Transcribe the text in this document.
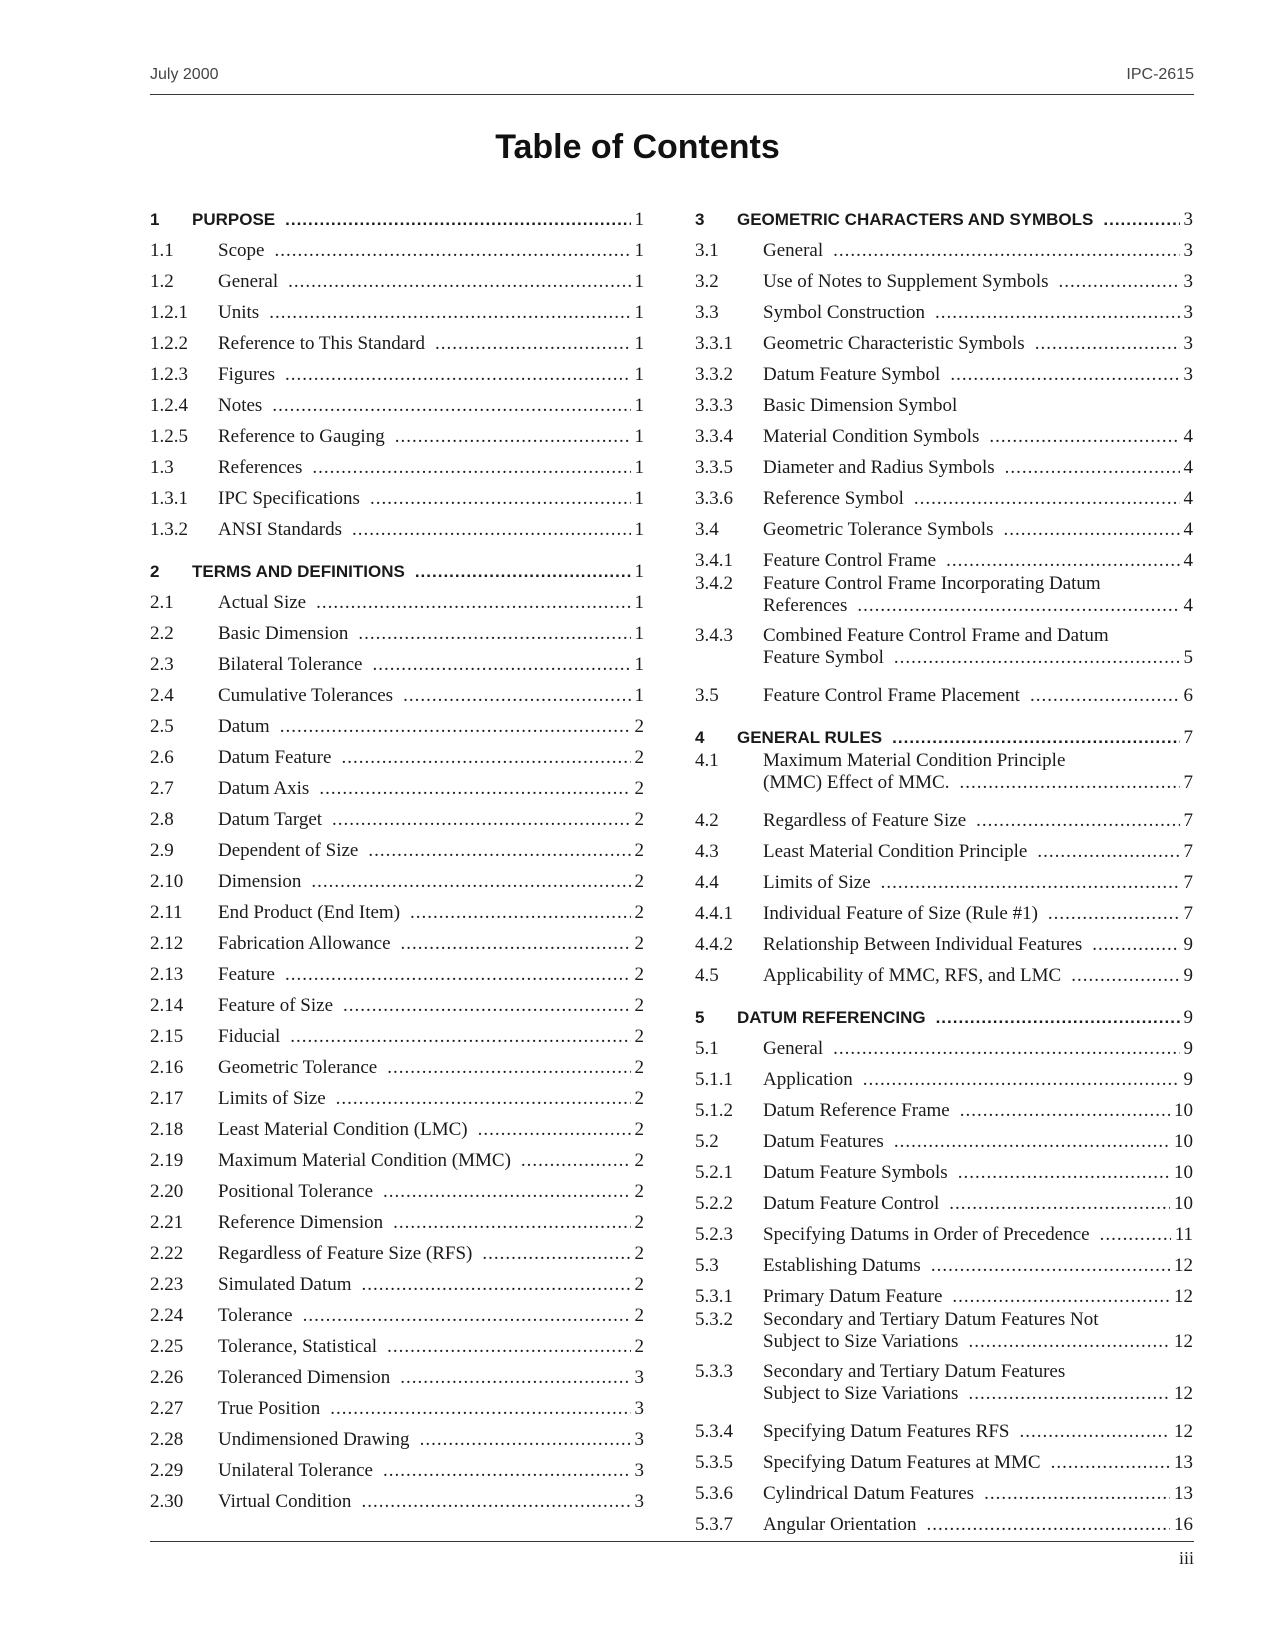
July 2000	IPC-2615
Table of Contents
1	PURPOSE .....	1
1.1	Scope .....	1
1.2	General .....	1
1.2.1	Units .....	1
1.2.2	Reference to This Standard .....	1
1.2.3	Figures .....	1
1.2.4	Notes .....	1
1.2.5	Reference to Gauging .....	1
1.3	References .....	1
1.3.1	IPC Specifications .....	1
1.3.2	ANSI Standards .....	1
2	TERMS AND DEFINITIONS .....	1
2.1	Actual Size .....	1
2.2	Basic Dimension .....	1
2.3	Bilateral Tolerance .....	1
2.4	Cumulative Tolerances .....	1
2.5	Datum .....	2
2.6	Datum Feature .....	2
2.7	Datum Axis .....	2
2.8	Datum Target .....	2
2.9	Dependent of Size .....	2
2.10	Dimension .....	2
2.11	End Product (End Item) .....	2
2.12	Fabrication Allowance .....	2
2.13	Feature .....	2
2.14	Feature of Size .....	2
2.15	Fiducial .....	2
2.16	Geometric Tolerance .....	2
2.17	Limits of Size .....	2
2.18	Least Material Condition (LMC) .....	2
2.19	Maximum Material Condition (MMC) .....	2
2.20	Positional Tolerance .....	2
2.21	Reference Dimension .....	2
2.22	Regardless of Feature Size (RFS) .....	2
2.23	Simulated Datum .....	2
2.24	Tolerance .....	2
2.25	Tolerance, Statistical .....	2
2.26	Toleranced Dimension .....	3
2.27	True Position .....	3
2.28	Undimensioned Drawing .....	3
2.29	Unilateral Tolerance .....	3
2.30	Virtual Condition .....	3
3	GEOMETRIC CHARACTERS AND SYMBOLS .....	3
3.1	General .....	3
3.2	Use of Notes to Supplement Symbols .....	3
3.3	Symbol Construction .....	3
3.3.1	Geometric Characteristic Symbols .....	3
3.3.2	Datum Feature Symbol .....	3
3.3.3	Basic Dimension Symbol
3.3.4	Material Condition Symbols .....	4
3.3.5	Diameter and Radius Symbols .....	4
3.3.6	Reference Symbol .....	4
3.4	Geometric Tolerance Symbols .....	4
3.4.1	Feature Control Frame .....	4
3.4.2	Feature Control Frame Incorporating Datum
References .....	4
3.4.3	Combined Feature Control Frame and Datum
Feature Symbol .....	5
3.5	Feature Control Frame Placement .....	6
4	GENERAL RULES .....	7
4.1	Maximum Material Condition Principle
(MMC) Effect of MMC. .....	7
4.2	Regardless of Feature Size .....	7
4.3	Least Material Condition Principle .....	7
4.4	Limits of Size .....	7
4.4.1	Individual Feature of Size (Rule #1) .....	7
4.4.2	Relationship Between Individual Features .....	9
4.5	Applicability of MMC, RFS, and LMC .....	9
5	DATUM REFERENCING .....	9
5.1	General .....	9
5.1.1	Application .....	9
5.1.2	Datum Reference Frame .....	10
5.2	Datum Features .....	10
5.2.1	Datum Feature Symbols .....	10
5.2.2	Datum Feature Control .....	10
5.2.3	Specifying Datums in Order of Precedence .....	11
5.3	Establishing Datums .....	12
5.3.1	Primary Datum Feature .....	12
5.3.2	Secondary and Tertiary Datum Features Not
Subject to Size Variations .....	12
5.3.3	Secondary and Tertiary Datum Features
Subject to Size Variations .....	12
5.3.4	Specifying Datum Features RFS .....	12
5.3.5	Specifying Datum Features at MMC .....	13
5.3.6	Cylindrical Datum Features .....	13
5.3.7	Angular Orientation .....	16
iii
